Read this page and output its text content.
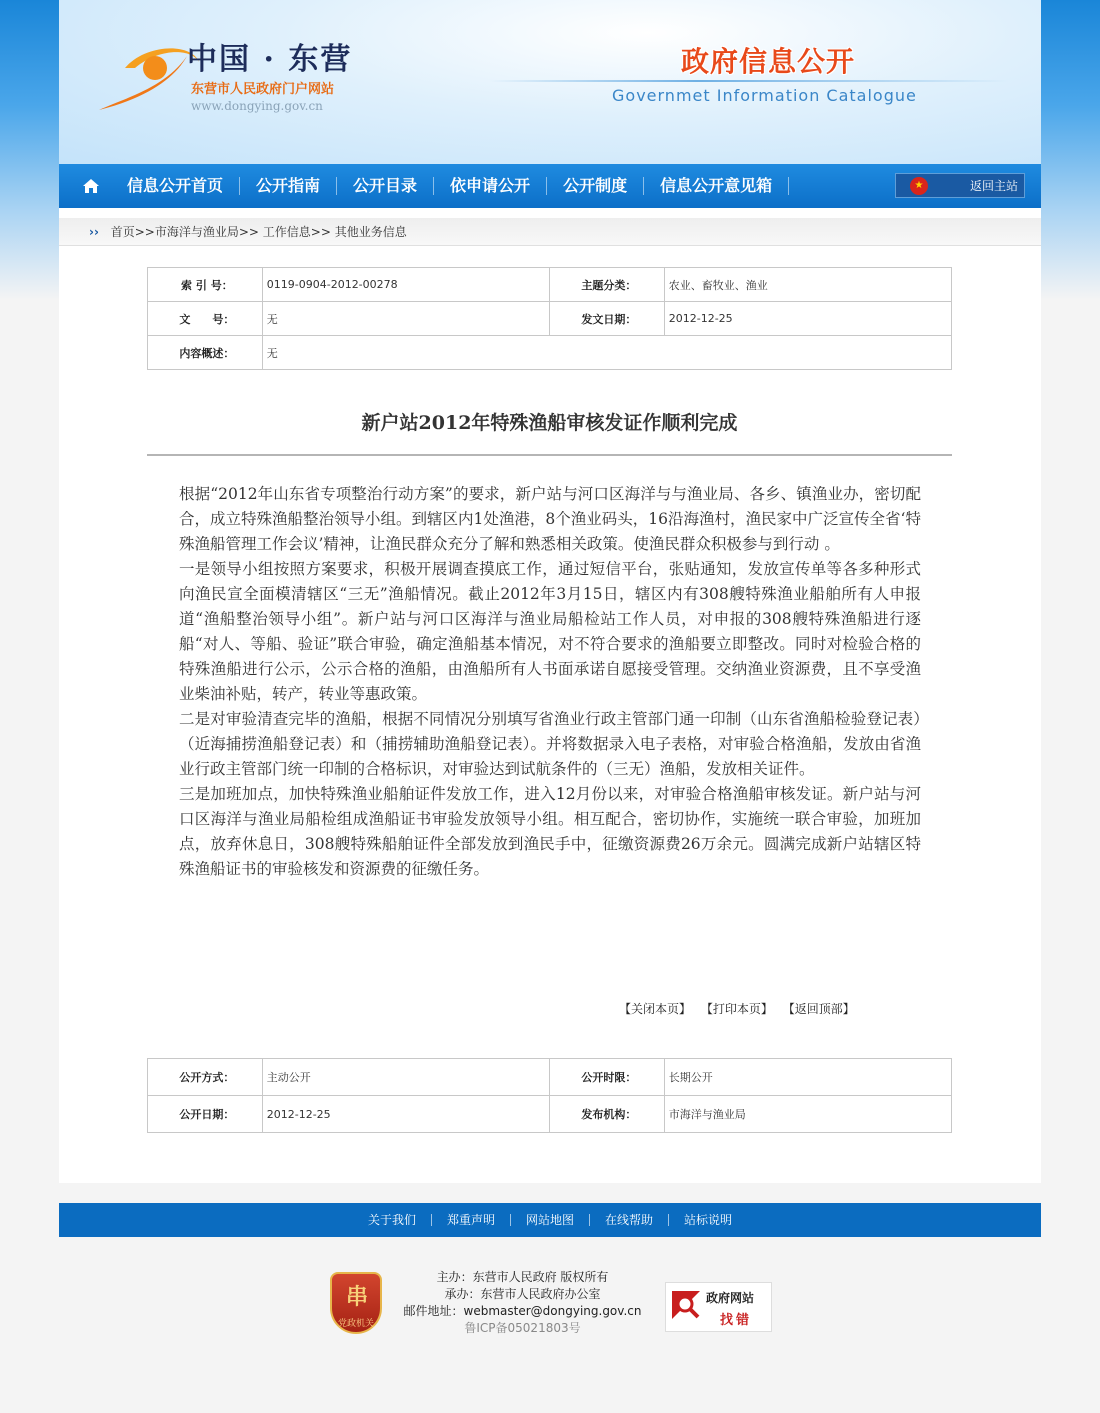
中国 · 东营
东营市人民政府门户网站
www.dongying.gov.cn
政府信息公开
Governmet Information Catalogue
信息公开首页	公开指南	公开目录	依申请公开	公开制度	信息公开意见箱	★	返回主站
›› 首页>>市海洋与渔业局>> 工作信息>> 其他业务信息
索 引 号：	0119-0904-2012-00278	主题分类：	农业、畜牧业、渔业
文　　号：	无	发文日期：	2012-12-25
内容概述：	无		
新户站2012年特殊渔船审核发证作顺利完成

根据“2012年山东省专项整治行动方案”的要求，新户站与河口区海洋与与渔业局、各乡、镇渔业办，密切配合，成立特殊渔船整治领导小组。到辖区内1处渔港，8个渔业码头，16沿海渔村，渔民家中广泛宣传全省‘特殊渔船管理工作会议’精神，让渔民群众充分了解和熟悉相关政策。使渔民群众积极参与到行动 。

一是领导小组按照方案要求，积极开展调查摸底工作，通过短信平台，张贴通知，发放宣传单等各多种形式向渔民宣全面模清辖区“三无”渔船情况。截止2012年3月15日，辖区内有308艘特殊渔业船舶所有人申报道“渔船整治领导小组”。新户站与河口区海洋与渔业局船检站工作人员，对申报的308艘特殊渔船进行逐船“对人、等船、验证”联合审验，确定渔船基本情况，对不符合要求的渔船要立即整改。同时对检验合格的特殊渔船进行公示，公示合格的渔船，由渔船所有人书面承诺自愿接受管理。交纳渔业资源费，且不享受渔业柴油补贴，转产，转业等惠政策。

二是对审验清查完毕的渔船，根据不同情况分别填写省渔业行政主管部门通一印制（山东省渔船检验登记表）（近海捕捞渔船登记表）和（捕捞辅助渔船登记表）。并将数据录入电子表格，对审验合格渔船，发放由省渔业行政主管部门统一印制的合格标识，对审验达到试航条件的（三无）渔船，发放相关证件。

三是加班加点，加快特殊渔业船舶证件发放工作，进入12月份以来，对审验合格渔船审核发证。新户站与河口区海洋与渔业局船检组成渔船证书审验发放领导小组。相互配合，密切协作，实施统一联合审验，加班加点，放弃休息日，308艘特殊船舶证件全部发放到渔民手中，征缴资源费26万余元。圆满完成新户站辖区特殊渔船证书的审验核发和资源费的征缴任务。

【关闭本页】 【打印本页】 【返回顶部】
公开方式：	主动公开	公开时限：	长期公开
公开日期：	2012-12-25	发布机构：	市海洋与渔业局
关于我们	郑重声明	网站地图	在线帮助	站标说明
串
党政机关
主办：东营市人民政府 版权所有
承办：东营市人民政府办公室
邮件地址：webmaster@dongying.gov.cn
鲁ICP备05021803号
政府网站
找错
